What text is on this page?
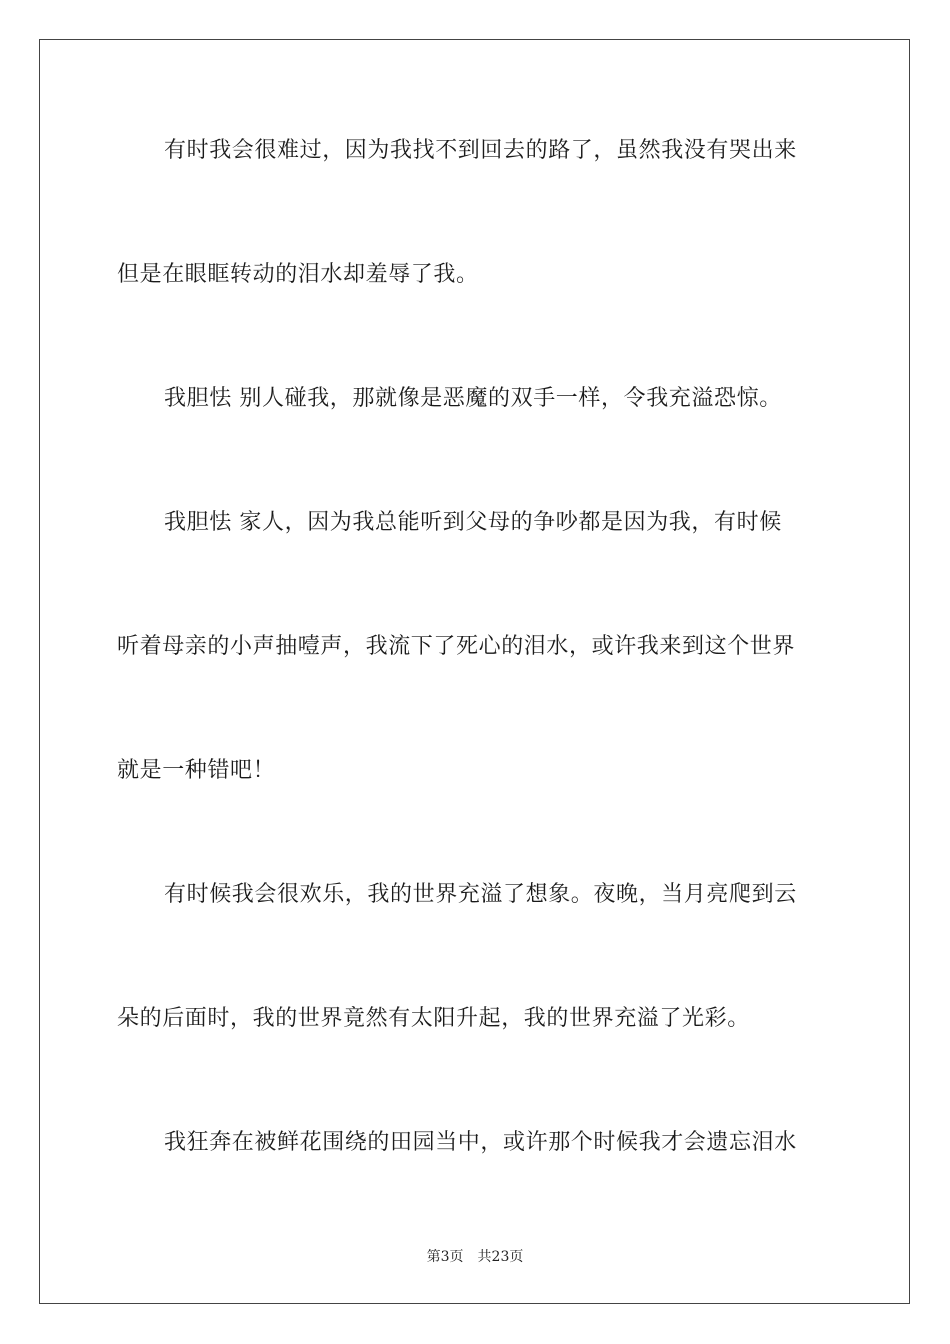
有时我会很难过，因为我找不到回去的路了，虽然我没有哭出来
但是在眼眶转动的泪水却羞辱了我。
我胆怯 别人碰我，那就像是恶魔的双手一样，令我充溢恐惊。
我胆怯 家人，因为我总能听到父母的争吵都是因为我，有时候
听着母亲的小声抽噎声，我流下了死心的泪水，或许我来到这个世界
就是一种错吧！
有时候我会很欢乐，我的世界充溢了想象。夜晚，当月亮爬到云
朵的后面时，我的世界竟然有太阳升起，我的世界充溢了光彩。
我狂奔在被鲜花围绕的田园当中，或许那个时候我才会遗忘泪水
第3页 共23页
